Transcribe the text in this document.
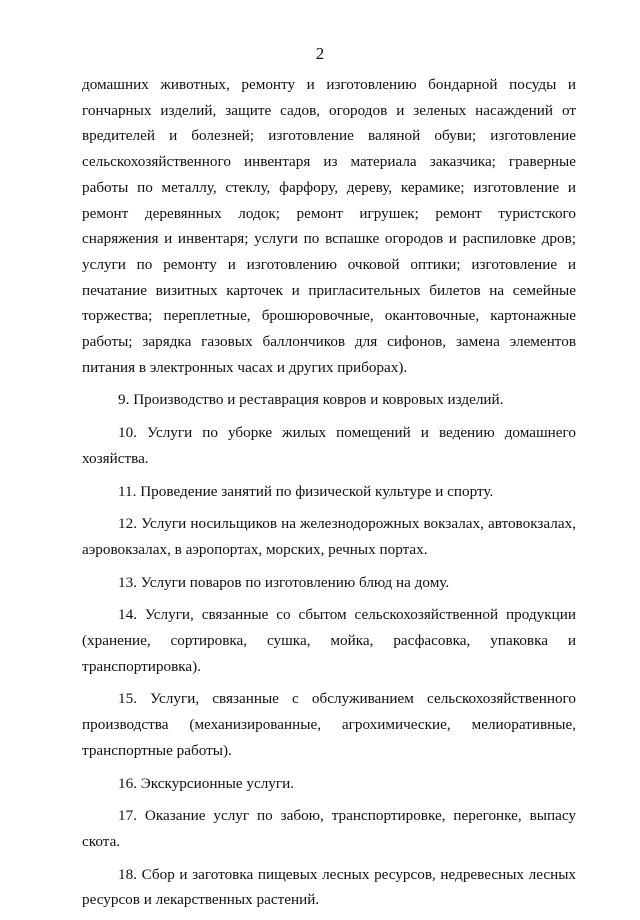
2

домашних животных, ремонту и изготовлению бондарной посуды и гончарных изделий, защите садов, огородов и зеленых насаждений от вредителей и болезней; изготовление валяной обуви; изготовление сельскохозяйственного инвентаря из материала заказчика; граверные работы по металлу, стеклу, фарфору, дереву, керамике; изготовление и ремонт деревянных лодок; ремонт игрушек; ремонт туристского снаряжения и инвентаря; услуги по вспашке огородов и распиловке дров; услуги по ремонту и изготовлению очковой оптики; изготовление и печатание визитных карточек и пригласительных билетов на семейные торжества; переплетные, брошюровочные, окантовочные, картонажные работы; зарядка газовых баллончиков для сифонов, замена элементов питания в электронных часах и других приборах).

9. Производство и реставрация ковров и ковровых изделий.

10. Услуги по уборке жилых помещений и ведению домашнего хозяйства.

11. Проведение занятий по физической культуре и спорту.

12. Услуги носильщиков на железнодорожных вокзалах, автовокзалах, аэровокзалах, в аэропортах, морских, речных портах.

13. Услуги поваров по изготовлению блюд на дому.

14. Услуги, связанные со сбытом сельскохозяйственной продукции (хранение, сортировка, сушка, мойка, расфасовка, упаковка и транспортировка).

15. Услуги, связанные с обслуживанием сельскохозяйственного производства (механизированные, агрохимические, мелиоративные, транспортные работы).

16. Экскурсионные услуги.

17. Оказание услуг по забою, транспортировке, перегонке, выпасу скота.

18. Сбор и заготовка пищевых лесных ресурсов, недревесных лесных ресурсов и лекарственных растений.
